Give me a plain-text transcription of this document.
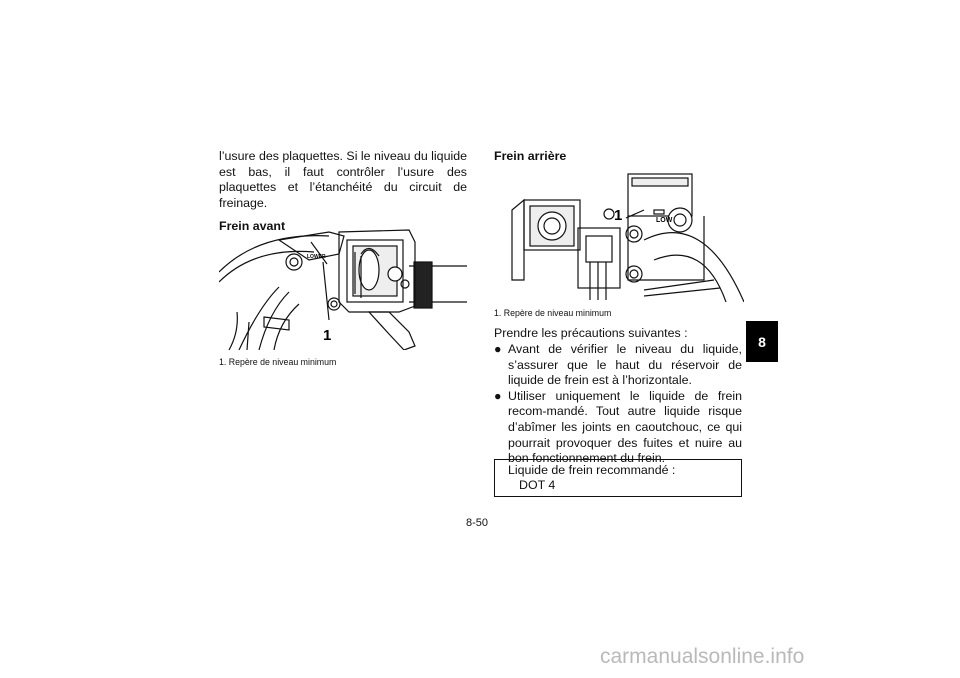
l’usure des plaquettes. Si le niveau du liquide est bas, il faut contrôler l’usure des plaquettes et l’étanchéité du circuit de freinage.

Frein avant

LOWER
1
1. Repère de niveau minimum

Frein arrière

LOW
1
1. Repère de niveau minimum
Prendre les précautions suivantes :
● Avant de vérifier le niveau du liquide, s’assurer que le haut du réservoir de liquide de frein est à l’horizontale.
● Utiliser uniquement le liquide de frein recom-mandé. Tout autre liquide risque d’abîmer les joints en caoutchouc, ce qui pourrait provoquer des fuites et nuire au bon fonctionnement du frein.
Liquide de frein recommandé :
DOT 4
8
8-50
carmanualsonline.info
